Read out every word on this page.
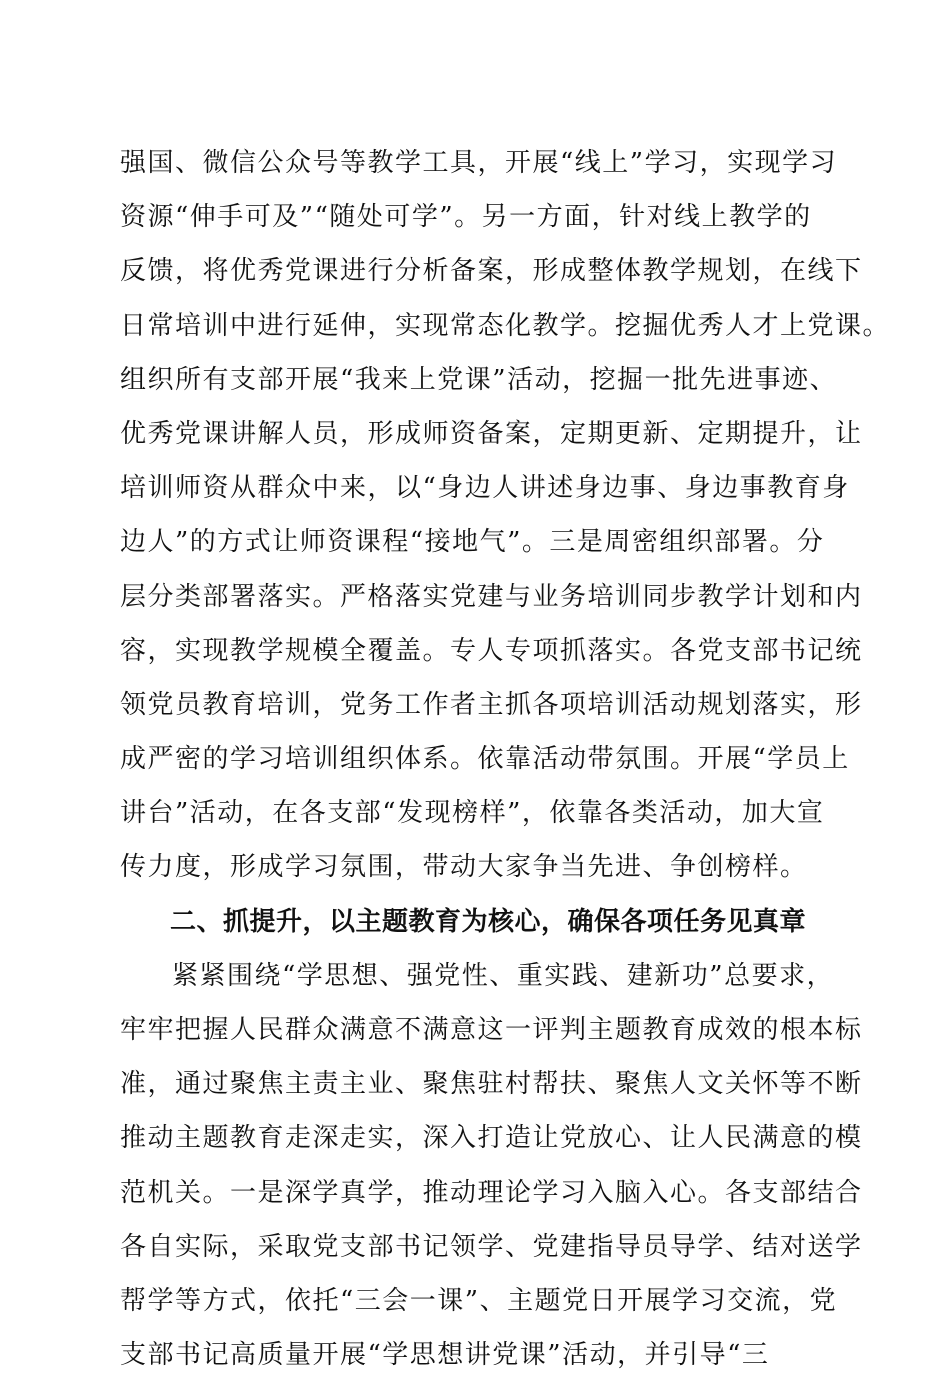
强国、微信公众号等教学工具，开展“线上”学习，实现学习
资源“伸手可及”“随处可学”。另一方面，针对线上教学的
反馈，将优秀党课进行分析备案，形成整体教学规划，在线下
日常培训中进行延伸，实现常态化教学。挖掘优秀人才上党课。
组织所有支部开展“我来上党课”活动，挖掘一批先进事迹、
优秀党课讲解人员，形成师资备案，定期更新、定期提升，让
培训师资从群众中来，以“身边人讲述身边事、身边事教育身
边人”的方式让师资课程“接地气”。三是周密组织部署。分
层分类部署落实。严格落实党建与业务培训同步教学计划和内
容，实现教学规模全覆盖。专人专项抓落实。各党支部书记统
领党员教育培训，党务工作者主抓各项培训活动规划落实，形
成严密的学习培训组织体系。依靠活动带氛围。开展“学员上
讲台”活动，在各支部“发现榜样”，依靠各类活动，加大宣
传力度，形成学习氛围，带动大家争当先进、争创榜样。
二、抓提升，以主题教育为核心，确保各项任务见真章
紧紧围绕“学思想、强党性、重实践、建新功”总要求，
牢牢把握人民群众满意不满意这一评判主题教育成效的根本标
准，通过聚焦主责主业、聚焦驻村帮扶、聚焦人文关怀等不断
推动主题教育走深走实，深入打造让党放心、让人民满意的模
范机关。一是深学真学，推动理论学习入脑入心。各支部结合
各自实际，采取党支部书记领学、党建指导员导学、结对送学
帮学等方式，依托“三会一课”、主题党日开展学习交流，党
支部书记高质量开展“学思想讲党课”活动，并引导“三
